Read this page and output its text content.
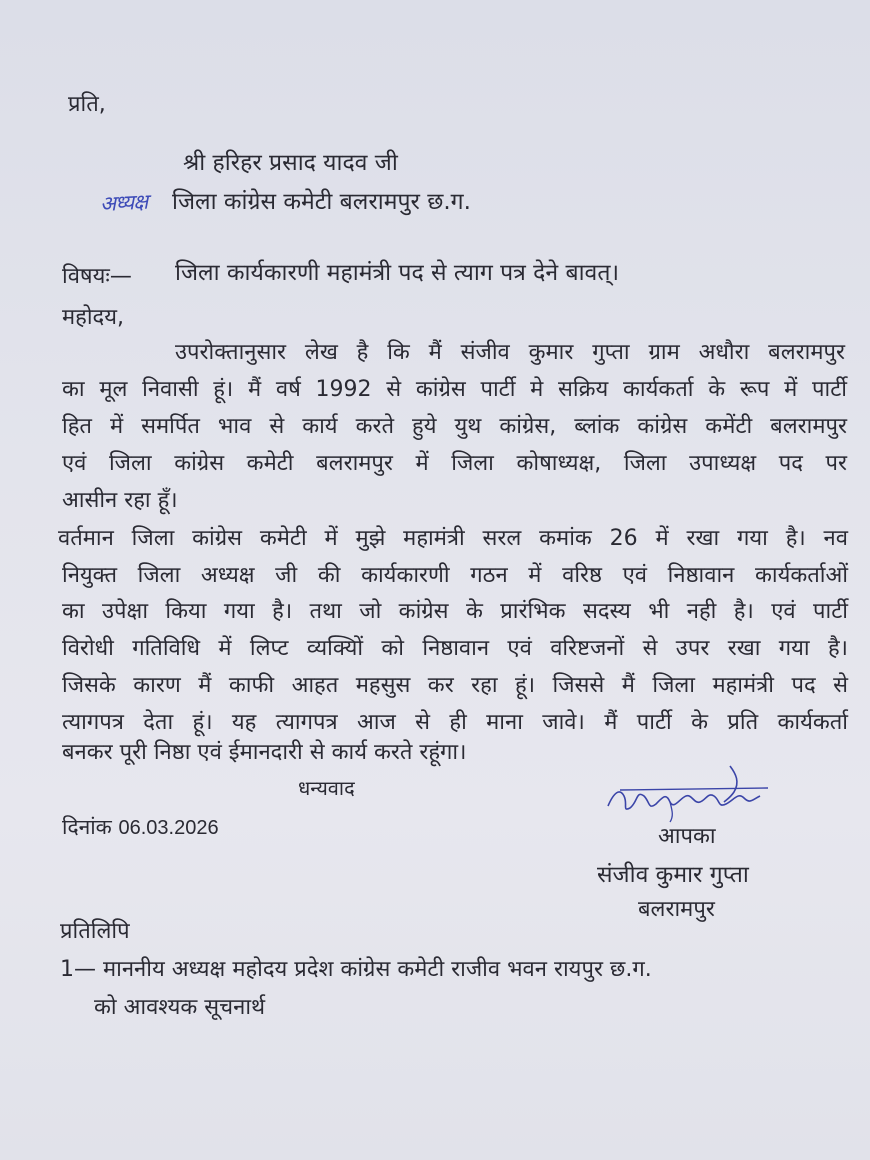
प्रति,
श्री हरिहर प्रसाद यादव जी
अध्यक्ष	जिला कांग्रेस कमेटी बलरामपुर छ.ग.
विषयः— जिला कार्यकारणी महामंत्री पद से त्याग पत्र देने बावत्।
महोदय,
उपरोक्तानुसार लेख है कि मैं संजीव कुमार गुप्ता ग्राम अधौरा बलरामपुर
का मूल निवासी हूं। मैं वर्ष 1992 से कांग्रेस पार्टी मे सक्रिय कार्यकर्ता के रूप में पार्टी
हित में समर्पित भाव से कार्य करते हुये युथ कांग्रेस, ब्लांक कांग्रेस कमेंटी बलरामपुर
एवं जिला कांग्रेस कमेटी बलरामपुर में जिला कोषाध्यक्ष, जिला उपाध्यक्ष पद पर
आसीन रहा हूँ।
वर्तमान जिला कांग्रेस कमेटी में मुझे महामंत्री सरल कमांक 26 में रखा गया है। नव
नियुक्त जिला अध्यक्ष जी की कार्यकारणी गठन में वरिष्ठ एवं निष्ठावान कार्यकर्ताओं
का उपेक्षा किया गया है। तथा जो कांग्रेस के प्रारंभिक सदस्य भी नही है। एवं पार्टी
विरोधी गतिविधि में लिप्ट व्यक्यिों को निष्ठावान एवं वरिष्टजनों से उपर रखा गया है।
जिसके कारण मैं काफी आहत महसुस कर रहा हूं। जिससे मैं जिला महामंत्री पद से
त्यागपत्र देता हूं। यह त्यागपत्र आज से ही माना जावे। मैं पार्टी के प्रति कार्यकर्ता
बनकर पूरी निष्ठा एवं ईमानदारी से कार्य करते रहूंगा।
धन्यवाद
दिनांक 06.03.2026	आपका
संजीव कुमार गुप्ता
बलरामपुर
प्रतिलिपि
1— माननीय अध्यक्ष महोदय प्रदेश कांग्रेस कमेटी राजीव भवन रायपुर छ.ग.
को आवश्यक सूचनार्थ
